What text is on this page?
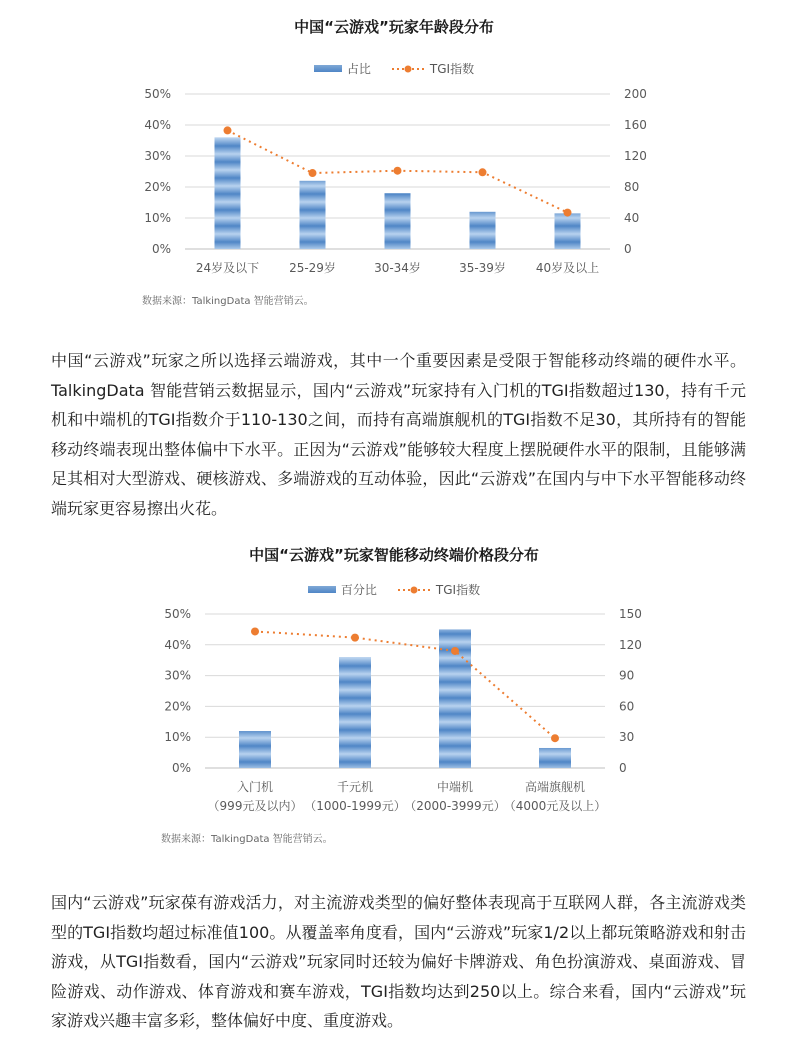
中国“云游戏”玩家年龄段分布
占比	TGI指数
0%	0
10%	40
20%	80
30%	120
40%	160
50%	200
24岁及以下 25-29岁	30-34岁	35-39岁 40岁及以上
数据来源：TalkingData 智能营销云。

中国“云游戏”玩家之所以选择云端游戏，其中一个重要因素是受限于智能移动终端的硬件水平。TalkingData 智能营销云数据显示，国内“云游戏”玩家持有入门机的TGI指数超过130，持有千元机和中端机的TGI指数介于110-130之间，而持有高端旗舰机的TGI指数不足30，其所持有的智能移动终端表现出整体偏中下水平。正因为“云游戏”能够较大程度上摆脱硬件水平的限制，且能够满足其相对大型游戏、硬核游戏、多端游戏的互动体验，因此“云游戏”在国内与中下水平智能移动终端玩家更容易擦出火花。

中国“云游戏”玩家智能移动终端价格段分布
百分比	TGI指数
0%	0
10%	30
20%	60
30%	90
40%	120
50%	150
入门机
（999元及以内）
千元机
（1000-1999元）
中端机
（2000-3999元）
高端旗舰机
（4000元及以上）
数据来源：TalkingData 智能营销云。

国内“云游戏”玩家葆有游戏活力，对主流游戏类型的偏好整体表现高于互联网人群，各主流游戏类型的TGI指数均超过标准值100。从覆盖率角度看，国内“云游戏”玩家1/2以上都玩策略游戏和射击游戏，从TGI指数看，国内“云游戏”玩家同时还较为偏好卡牌游戏、角色扮演游戏、桌面游戏、冒险游戏、动作游戏、体育游戏和赛车游戏，TGI指数均达到250以上。综合来看，国内“云游戏”玩家游戏兴趣丰富多彩，整体偏好中度、重度游戏。
